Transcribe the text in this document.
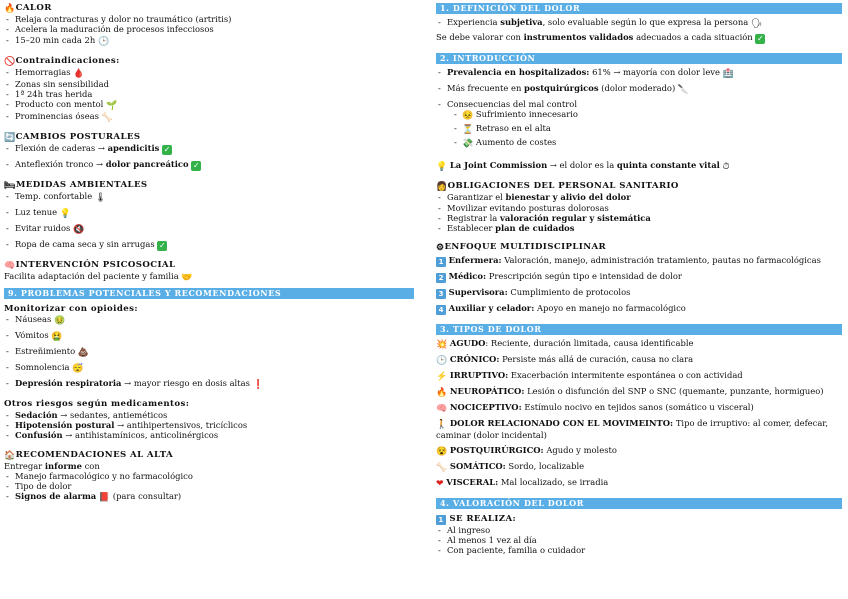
🔥CALOR
- Relaja contracturas y dolor no traumático (artritis)
- Acelera la maduración de procesos infecciosos
- 15–20 min cada 2h 🕒
🚫Contraindicaciones:
- Hemorragias 🩸
- Zonas sin sensibilidad
- 1ª 24h tras herida
- Producto con mentol 🌱
- Prominencias óseas 🦴
🔄CAMBIOS POSTURALES
- Flexión de caderas → apendicitis ✓
- Anteflexión tronco → dolor pancreático ✓
🛏MEDIDAS AMBIENTALES
- Temp. confortable 🌡
- Luz tenue 💡
- Evitar ruidos 🔇
- Ropa de cama seca y sin arrugas ✓
🧠INTERVENCIÓN PSICOSOCIAL
Facilita adaptación del paciente y familia 🤝
9. PROBLEMAS POTENCIALES Y RECOMENDACIONES
Monitorizar con opioides:
- Náuseas 🤢
- Vómitos 🤮
- Estreñimiento 💩
- Somnolencia 😴
- Depresión respiratoria → mayor riesgo en dosis altas ❗
Otros riesgos según medicamentos:
- Sedación → sedantes, antieméticos
- Hipotensión postural → antihipertensivos, tricíclicos
- Confusión → antihistamínicos, anticolinérgicos
🏠RECOMENDACIONES AL ALTA
Entregar informe con
- Manejo farmacológico y no farmacológico
- Tipo de dolor
- Signos de alarma 📕 (para consultar)
1. DEFINICIÓN DEL DOLOR
- Experiencia subjetiva, solo evaluable según lo que expresa la persona 🗣
Se debe valorar con instrumentos validados adecuados a cada situación ✓
2. INTRODUCCIÓN
- Prevalencia en hospitalizados: 61% → mayoría con dolor leve 🏥
- Más frecuente en postquirúrgicos (dolor moderado) 🔪
- Consecuencias del mal control
- 😣 Sufrimiento innecesario
- ⏳ Retraso en el alta
- 💸 Aumento de costes
💡 La Joint Commission → el dolor es la quinta constante vital ⏱
👩OBLIGACIONES DEL PERSONAL SANITARIO
- Garantizar el bienestar y alivio del dolor
- Movilizar evitando posturas dolorosas
- Registrar la valoración regular y sistemática
- Establecer plan de cuidados
⚙ENFOQUE MULTIDISCIPLINAR
1 Enfermera: Valoración, manejo, administración tratamiento, pautas no farmacológicas
2 Médico: Prescripción según tipo e intensidad de dolor
3 Supervisora: Cumplimiento de protocolos
4 Auxiliar y celador: Apoyo en manejo no farmacológico
3. TIPOS DE DOLOR
💥 AGUDO: Reciente, duración limitada, causa identificable
🕒 CRÓNICO: Persiste más allá de curación, causa no clara
⚡ IRRUPTIVO: Exacerbación intermitente espontánea o con actividad
🔥 NEUROPÁTICO: Lesión o disfunción del SNP o SNC (quemante, punzante, hormigueo)
🧠 NOCICEPTIVO: Estímulo nocivo en tejidos sanos (somático u visceral)
🚶 DOLOR RELACIONADO CON EL MOVIMEINTO: Tipo de irruptivo: al comer, defecar, caminar (dolor incidental)
😵 POSTQUIRÚRGICO: Agudo y molesto
🦴 SOMÁTICO: Sordo, localizable
❤ VISCERAL: Mal localizado, se irradia
4. VALORACIÓN DEL DOLOR
1 SE REALIZA:
- Al ingreso
- Al menos 1 vez al día
- Con paciente, familia o cuidador
